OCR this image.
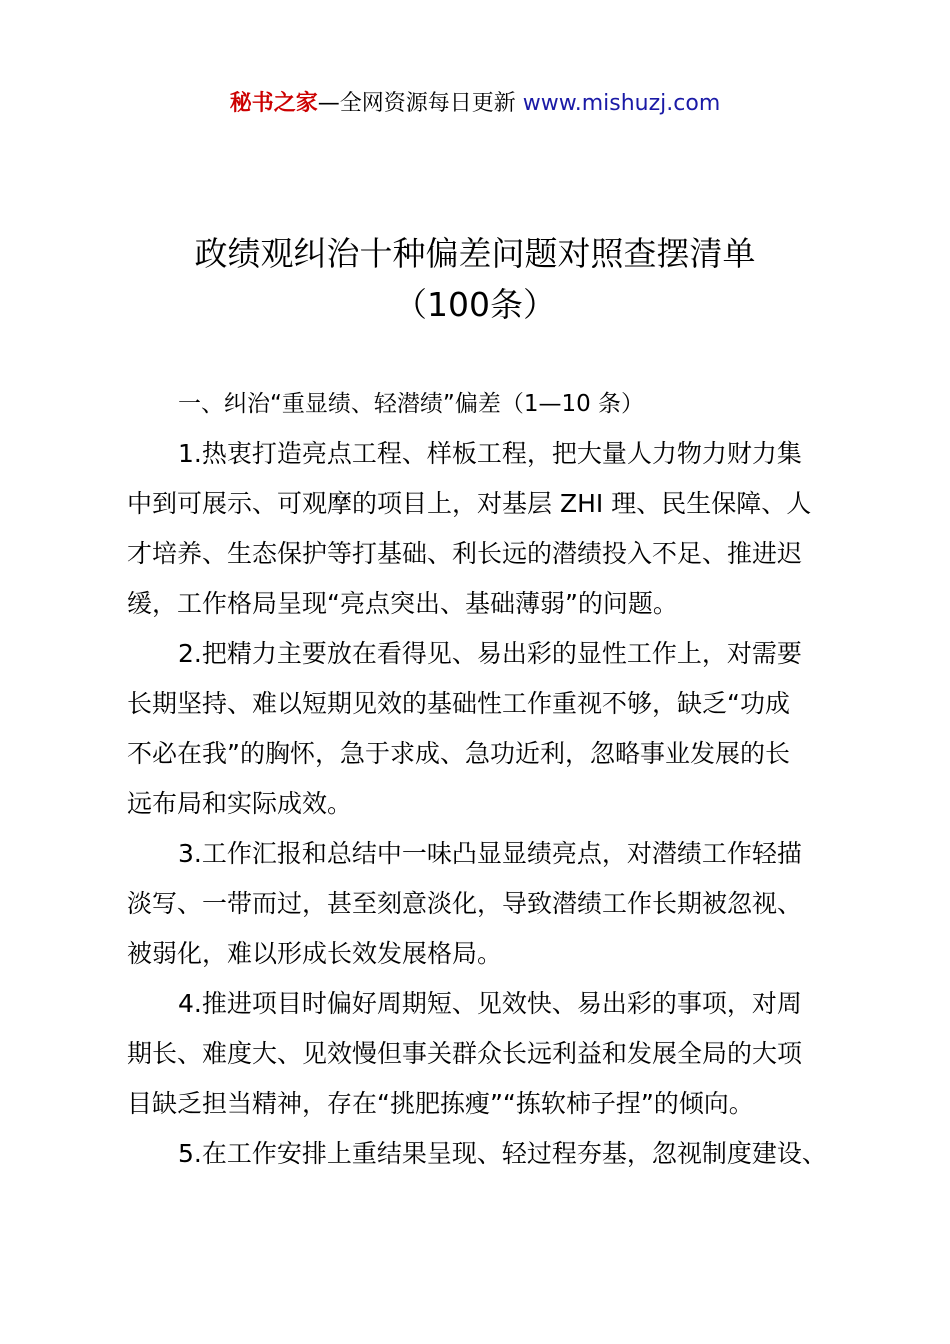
秘书之家—全网资源每日更新 www.mishuzj.com
政绩观纠治十种偏差问题对照查摆清单
（100条）
一、纠治“重显绩、轻潜绩”偏差（1—10 条）
1.热衷打造亮点工程、样板工程，把大量人力物力财力集
中到可展示、可观摩的项目上，对基层 ZHI 理、民生保障、人
才培养、生态保护等打基础、利长远的潜绩投入不足、推进迟
缓，工作格局呈现“亮点突出、基础薄弱”的问题。
2.把精力主要放在看得见、易出彩的显性工作上，对需要
长期坚持、难以短期见效的基础性工作重视不够，缺乏“功成
不必在我”的胸怀，急于求成、急功近利，忽略事业发展的长
远布局和实际成效。
3.工作汇报和总结中一味凸显显绩亮点，对潜绩工作轻描
淡写、一带而过，甚至刻意淡化，导致潜绩工作长期被忽视、
被弱化，难以形成长效发展格局。
4.推进项目时偏好周期短、见效快、易出彩的事项，对周
期长、难度大、见效慢但事关群众长远利益和发展全局的大项
目缺乏担当精神，存在“挑肥拣瘦”“拣软柿子捏”的倾向。
5.在工作安排上重结果呈现、轻过程夯基，忽视制度建设、
